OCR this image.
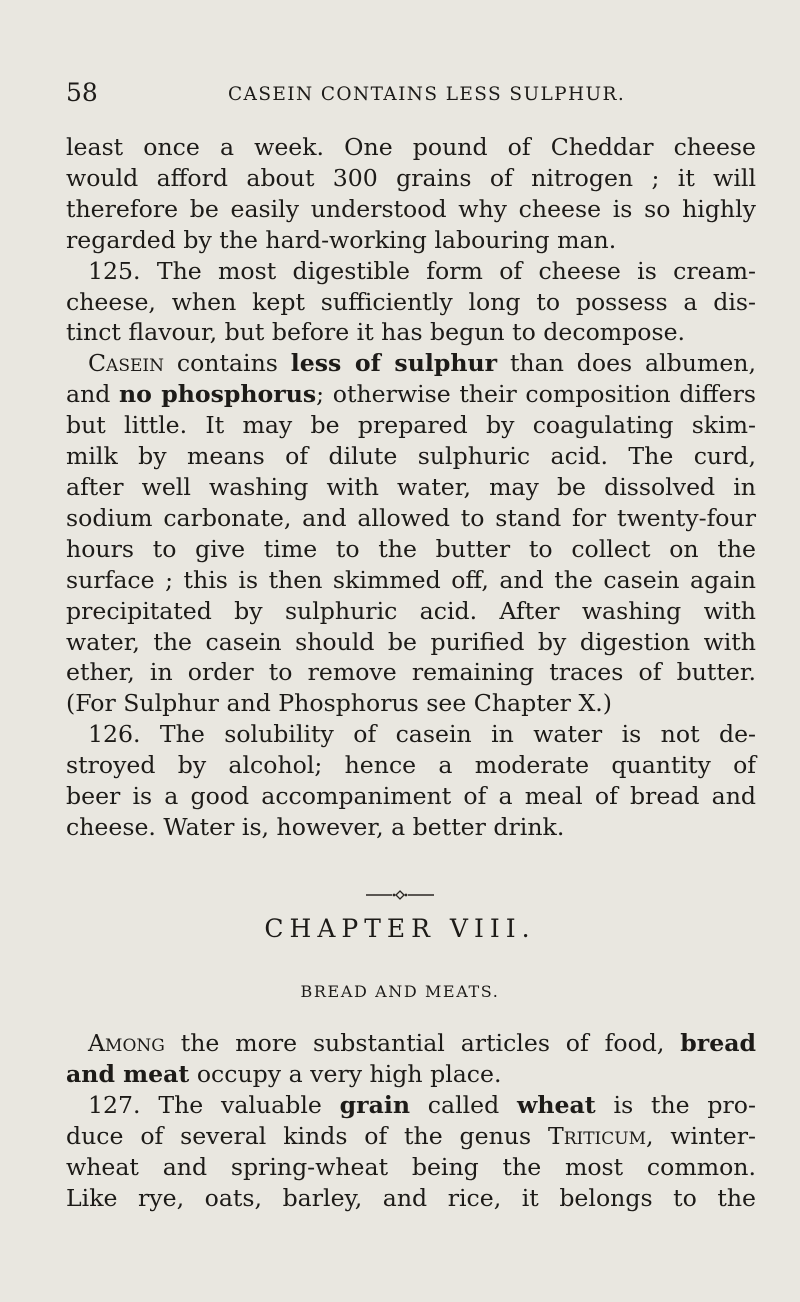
58	CASEIN CONTAINS LESS SULPHUR.

least once a week. One pound of Cheddar cheese
would afford about 300 grains of nitrogen ; it will
therefore be easily understood why cheese is so highly
regarded by the hard-working labouring man.

125. The most digestible form of cheese is cream-
cheese, when kept sufficiently long to possess a dis-
tinct flavour, but before it has begun to decompose.

Casein contains less of sulphur than does albumen,
and no phosphorus; otherwise their composition differs
but little. It may be prepared by coagulating skim-
milk by means of dilute sulphuric acid. The curd,
after well washing with water, may be dissolved in
sodium carbonate, and allowed to stand for twenty-four
hours to give time to the butter to collect on the
surface ; this is then skimmed off, and the casein again
precipitated by sulphuric acid. After washing with
water, the casein should be purified by digestion with
ether, in order to remove remaining traces of butter.
(For Sulphur and Phosphorus see Chapter X.)

126. The solubility of casein in water is not de-
stroyed by alcohol; hence a moderate quantity of
beer is a good accompaniment of a meal of bread and
cheese. Water is, however, a better drink.

CHAPTER VIII.
BREAD AND MEATS.

Among the more substantial articles of food, bread
and meat occupy a very high place.

127. The valuable grain called wheat is the pro-
duce of several kinds of the genus Triticum, winter-
wheat and spring-wheat being the most common.
Like rye, oats, barley, and rice, it belongs to the
